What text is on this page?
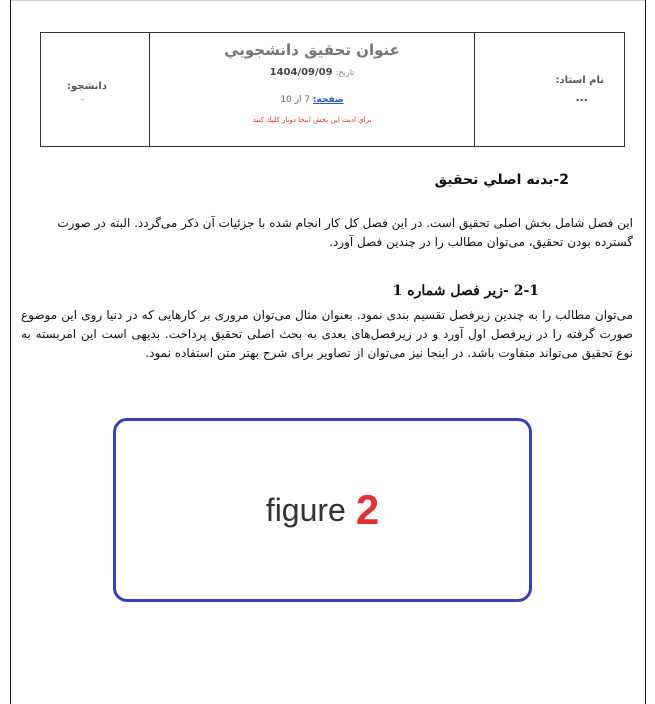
دانشجو:
-
عنوان تحقيق دانشجويي
تاريخ: 1404/09/09
صفحه: 7 از 10
براي اديت اين بخش اينجا دوبار كليك كنيد
نام استاد:
...
2-بدنه اصلي تحقيق
این فصل شامل بخش اصلی تحقیق است. در این فصل کل کار انجام شده با جزئیات آن ذکر می‌گردد. البته در صورت گسترده بودن تحقیق، می‌توان مطالب را در چندین فصل آورد.
2-1 -زير فصل شماره 1
می‌توان مطالب را به چندین زیرفصل تقسیم بندی نمود. بعنوان مثال می‌توان مروری بر کارهایی که در دنیا روی این موضوع صورت گرفته را در زیرفصل اول آورد و در زیرفصل‌های بعدی به بحث اصلی تحقیق پرداخت. بدیهی است این امربسته به نوع تحقیق می‌تواند متفاوت باشد. در اینجا نیز می‌توان از تصاویر برای شرح بهتر متن استفاده نمود.
figure 2
